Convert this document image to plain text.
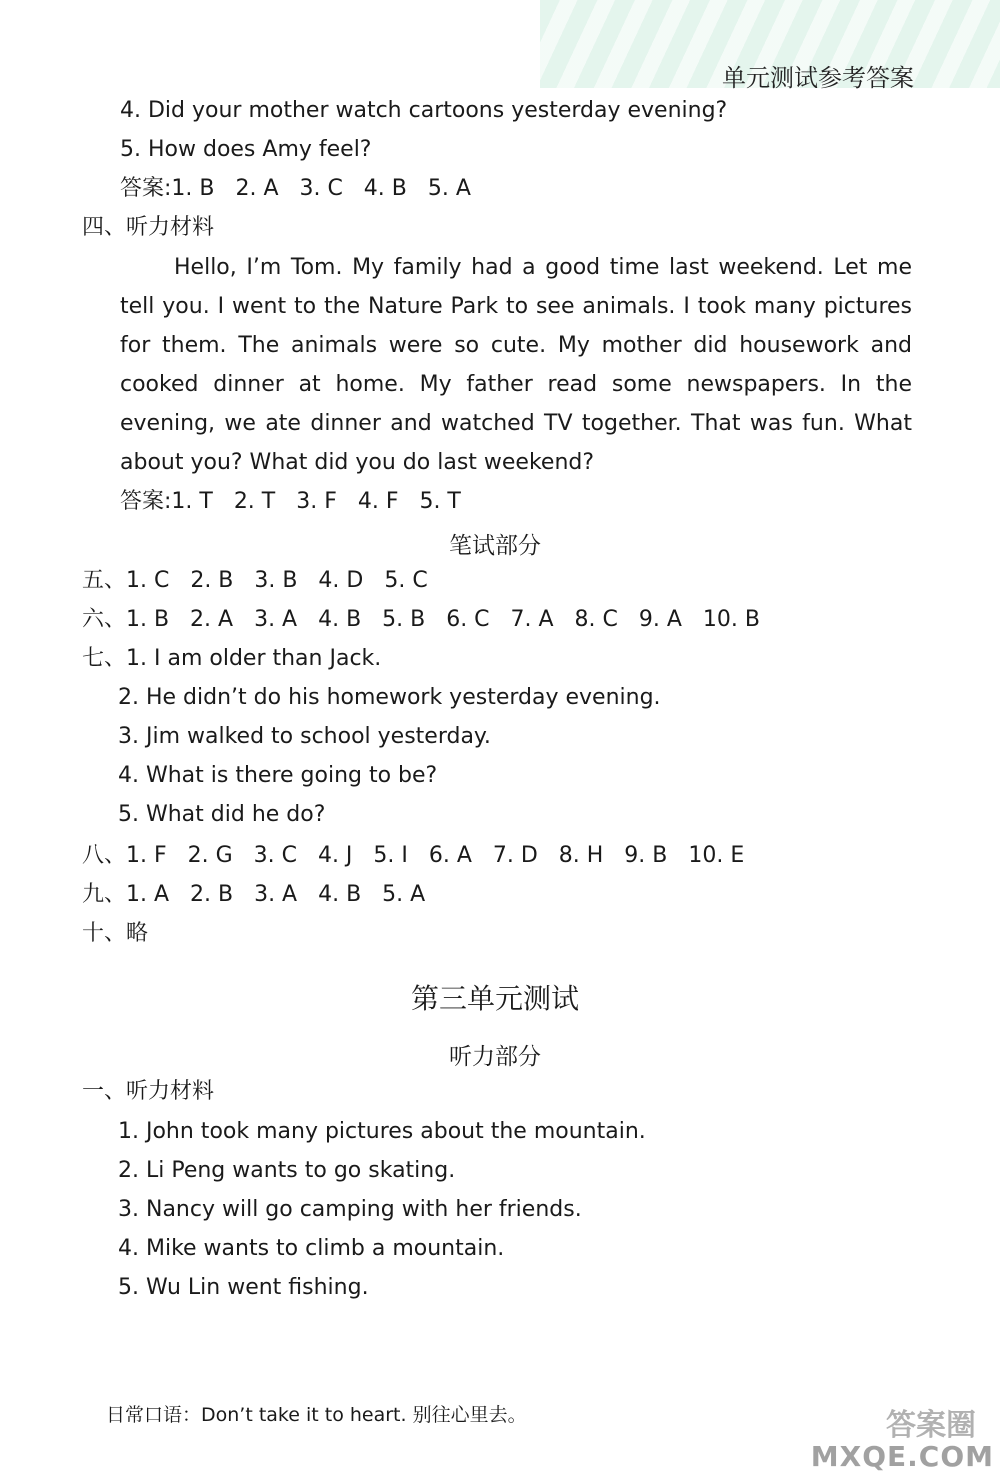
单元测试参考答案
4. Did your mother watch cartoons yesterday evening?
5. How does Amy feel?
答案:1. B   2. A   3. C   4. B   5. A
四、听力材料
Hello, I’m Tom. My family had a good time last weekend. Let me
tell you. I went to the Nature Park to see animals. I took many pictures
for them. The animals were so cute. My mother did housework and
cooked dinner at home. My father read some newspapers. In the
evening, we ate dinner and watched TV together. That was fun. What
about you? What did you do last weekend?
答案:1. T   2. T   3. F   4. F   5. T
笔试部分
五、1. C   2. B   3. B   4. D   5. C
六、1. B   2. A   3. A   4. B   5. B   6. C   7. A   8. C   9. A   10. B
七、1. I am older than Jack.
2. He didn’t do his homework yesterday evening.
3. Jim walked to school yesterday.
4. What is there going to be?
5. What did he do?
八、1. F   2. G   3. C   4. J   5. I   6. A   7. D   8. H   9. B   10. E
九、1. A   2. B   3. A   4. B   5. A
十、略
第三单元测试
听力部分
一、听力材料
1. John took many pictures about the mountain.
2. Li Peng wants to go skating.
3. Nancy will go camping with her friends.
4. Mike wants to climb a mountain.
5. Wu Lin went fishing.
日常口语：Don’t take it to heart. 别往心里去。	答案圈
MXQE.COM
